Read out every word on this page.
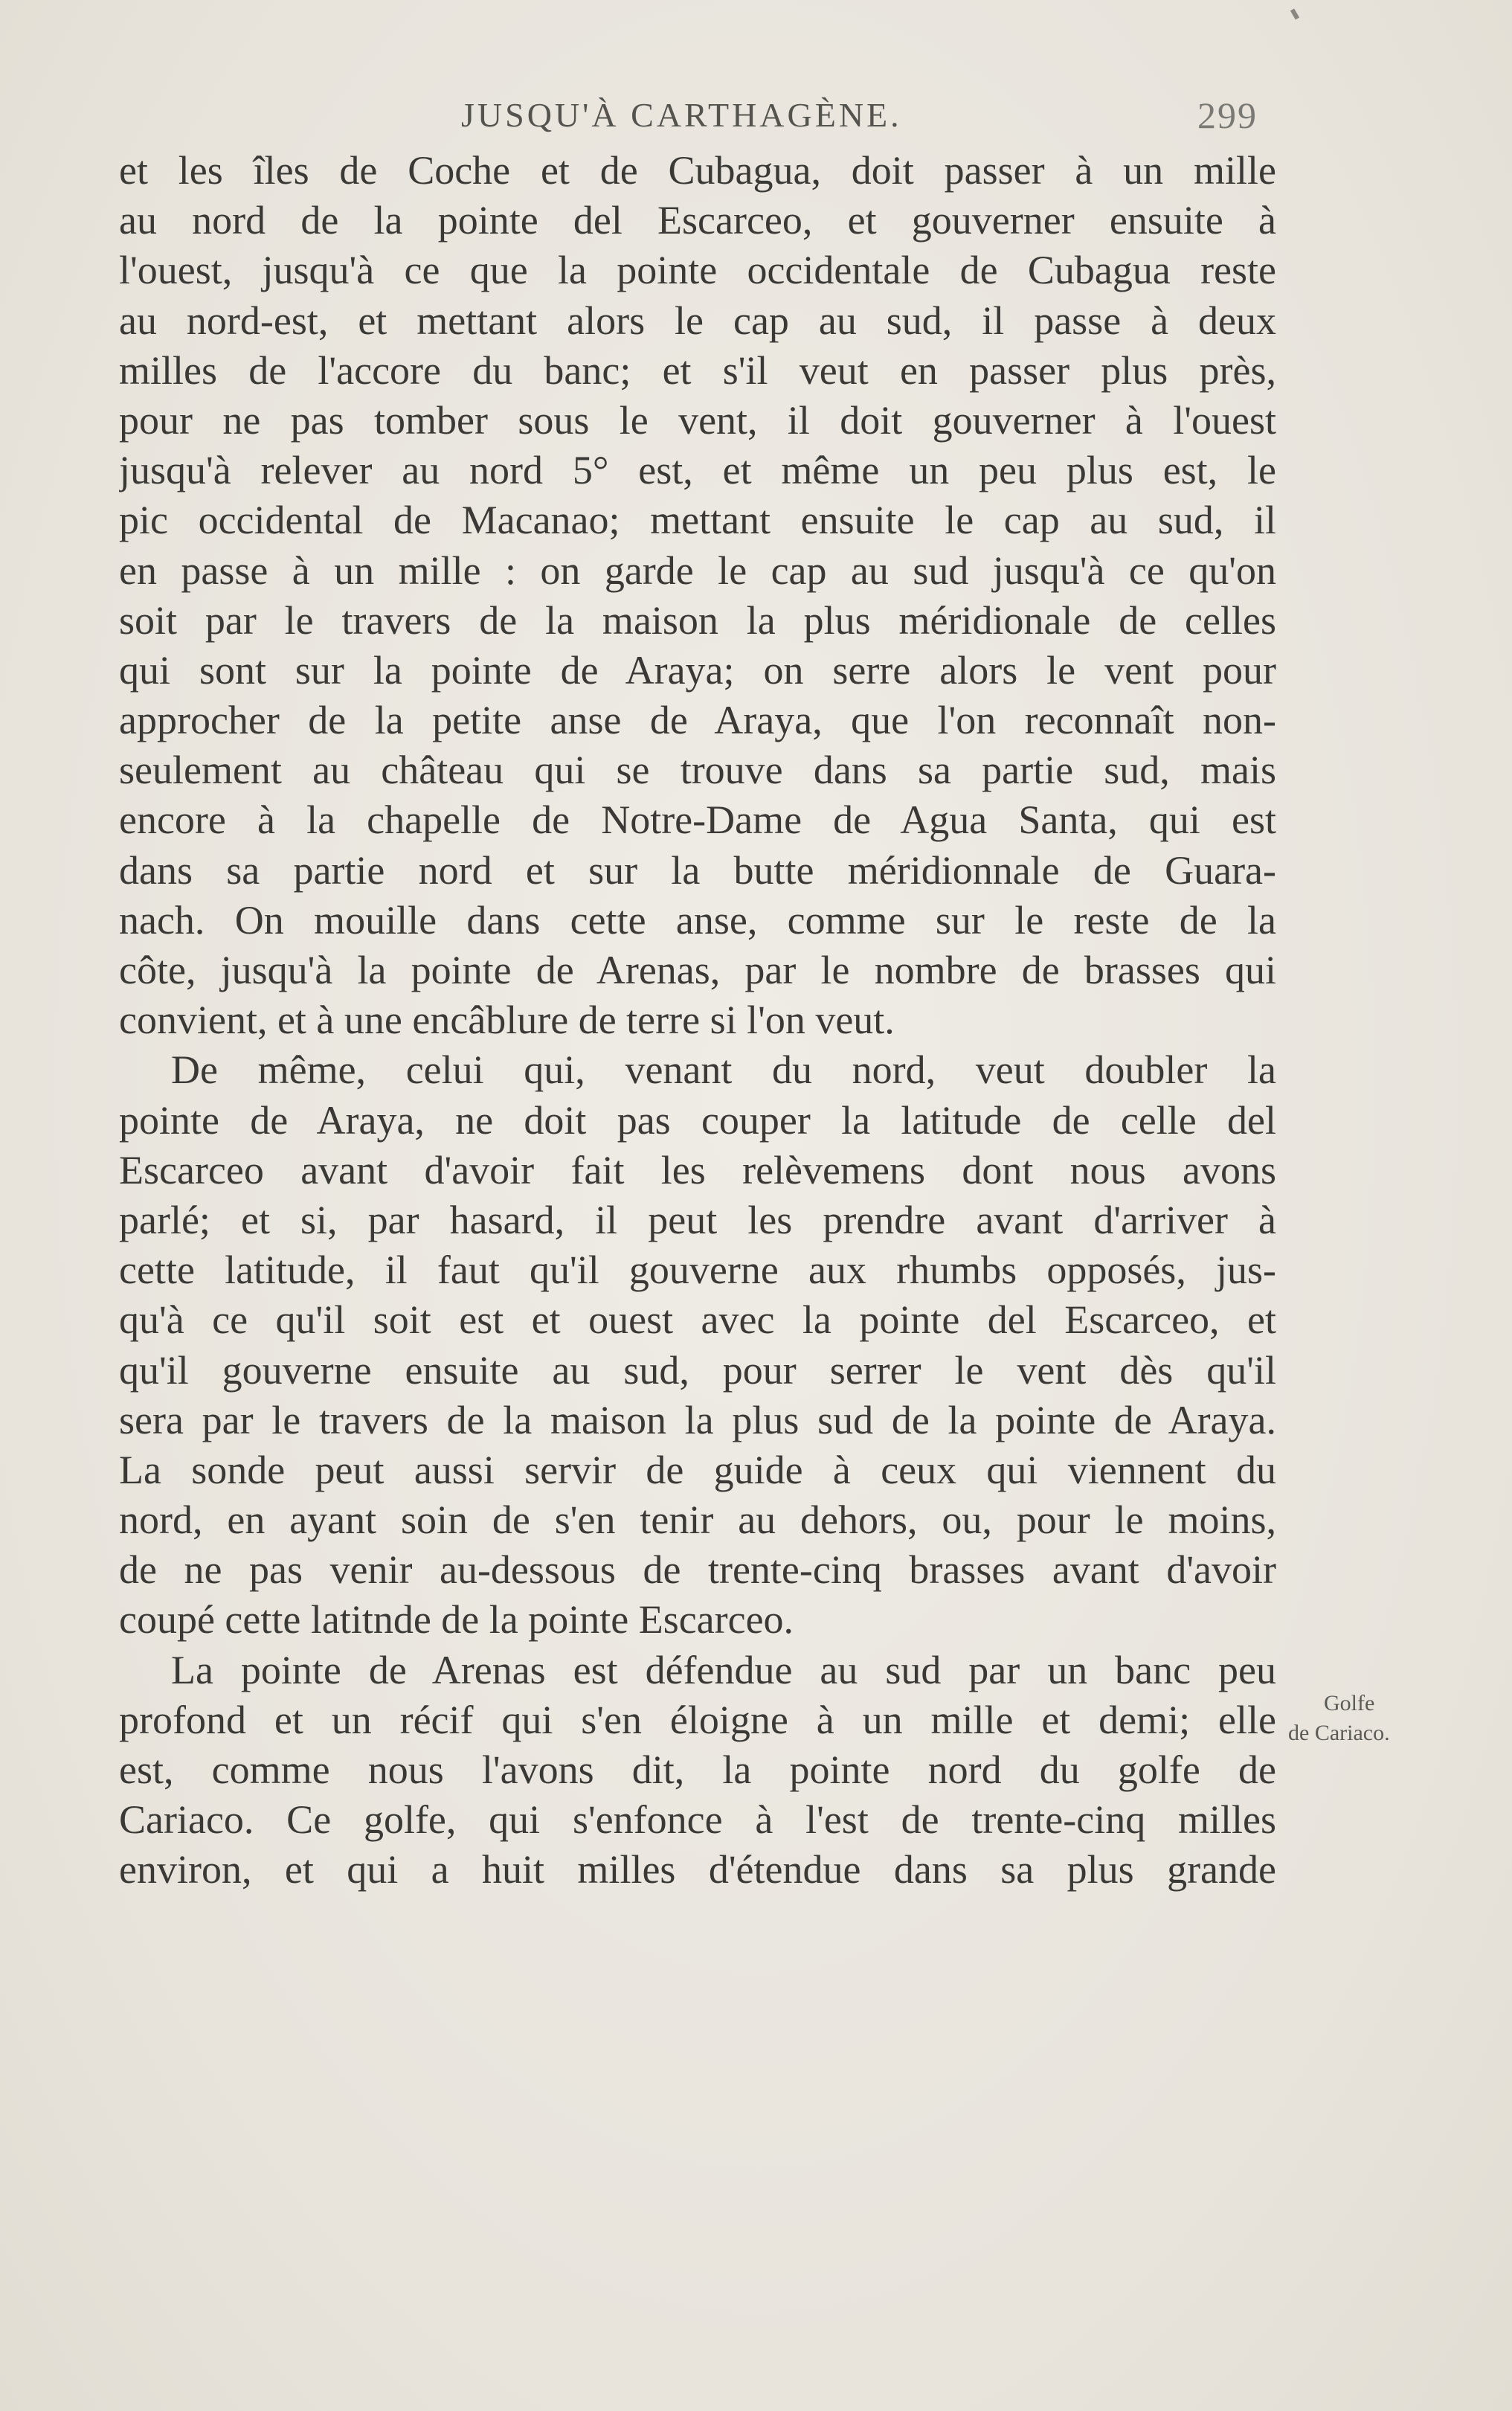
JUSQU'À CARTHAGÈNE.	299
et les îles de Coche et de Cubagua, doit passer à un mille
au nord de la pointe del Escarceo, et gouverner ensuite à
l'ouest, jusqu'à ce que la pointe occidentale de Cubagua reste
au nord-est, et mettant alors le cap au sud, il passe à deux
milles de l'accore du banc; et s'il veut en passer plus près,
pour ne pas tomber sous le vent, il doit gouverner à l'ouest
jusqu'à relever au nord 5° est, et même un peu plus est, le
pic occidental de Macanao; mettant ensuite le cap au sud, il
en passe à un mille : on garde le cap au sud jusqu'à ce qu'on
soit par le travers de la maison la plus méridionale de celles
qui sont sur la pointe de Araya; on serre alors le vent pour
approcher de la petite anse de Araya, que l'on reconnaît non-
seulement au château qui se trouve dans sa partie sud, mais
encore à la chapelle de Notre-Dame de Agua Santa, qui est
dans sa partie nord et sur la butte méridionnale de Guara-
nach. On mouille dans cette anse, comme sur le reste de la
côte, jusqu'à la pointe de Arenas, par le nombre de brasses qui
convient, et à une encâblure de terre si l'on veut.
De même, celui qui, venant du nord, veut doubler la
pointe de Araya, ne doit pas couper la latitude de celle del
Escarceo avant d'avoir fait les relèvemens dont nous avons
parlé; et si, par hasard, il peut les prendre avant d'arriver à
cette latitude, il faut qu'il gouverne aux rhumbs opposés, jus-
qu'à ce qu'il soit est et ouest avec la pointe del Escarceo, et
qu'il gouverne ensuite au sud, pour serrer le vent dès qu'il
sera par le travers de la maison la plus sud de la pointe de Araya.
La sonde peut aussi servir de guide à ceux qui viennent du
nord, en ayant soin de s'en tenir au dehors, ou, pour le moins,
de ne pas venir au-dessous de trente-cinq brasses avant d'avoir
coupé cette latitnde de la pointe Escarceo.
La pointe de Arenas est défendue au sud par un banc peu
profond et un récif qui s'en éloigne à un mille et demi; elle
est, comme nous l'avons dit, la pointe nord du golfe de
Cariaco. Ce golfe, qui s'enfonce à l'est de trente-cinq milles
environ, et qui a huit milles d'étendue dans sa plus grande
Golfe
de Cariaco.
